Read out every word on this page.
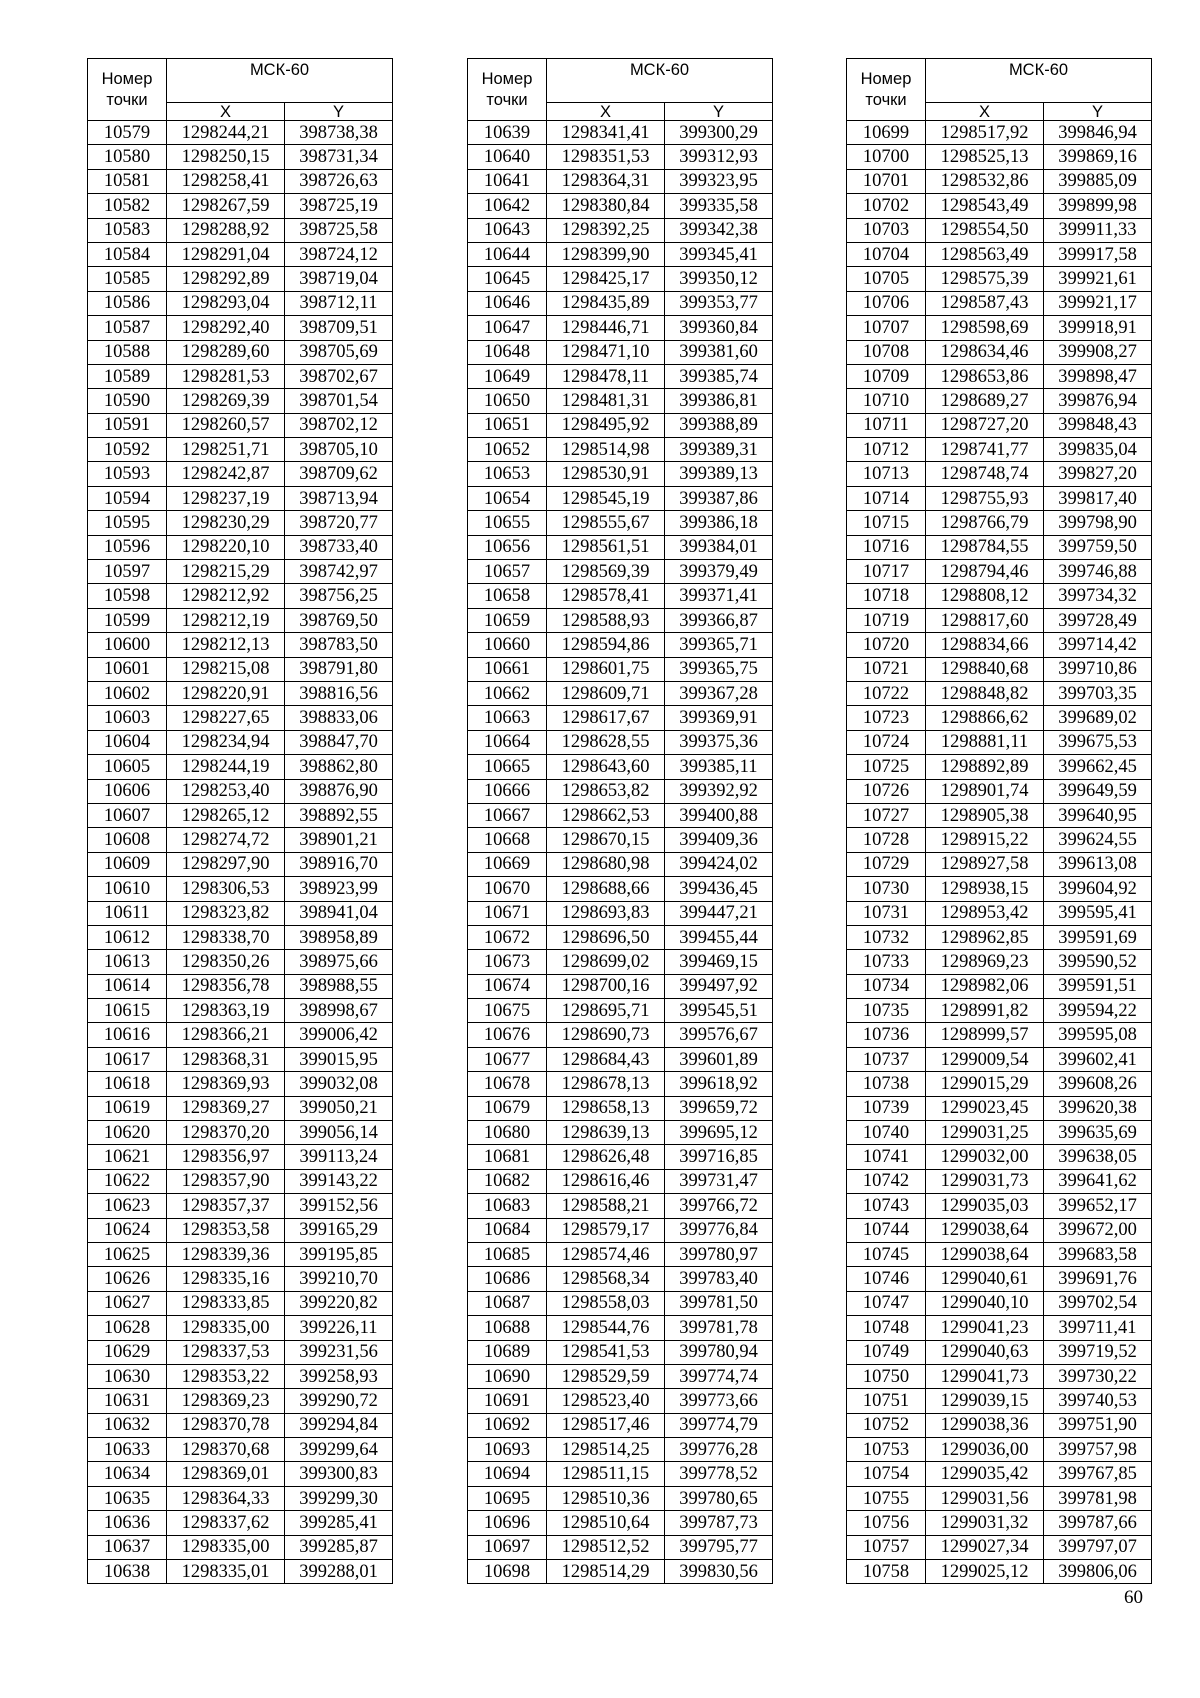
Номер точки	МСК-60	
	X	Y
10579	1298244,21	398738,38
10580	1298250,15	398731,34
10581	1298258,41	398726,63
10582	1298267,59	398725,19
10583	1298288,92	398725,58
10584	1298291,04	398724,12
10585	1298292,89	398719,04
10586	1298293,04	398712,11
10587	1298292,40	398709,51
10588	1298289,60	398705,69
10589	1298281,53	398702,67
10590	1298269,39	398701,54
10591	1298260,57	398702,12
10592	1298251,71	398705,10
10593	1298242,87	398709,62
10594	1298237,19	398713,94
10595	1298230,29	398720,77
10596	1298220,10	398733,40
10597	1298215,29	398742,97
10598	1298212,92	398756,25
10599	1298212,19	398769,50
10600	1298212,13	398783,50
10601	1298215,08	398791,80
10602	1298220,91	398816,56
10603	1298227,65	398833,06
10604	1298234,94	398847,70
10605	1298244,19	398862,80
10606	1298253,40	398876,90
10607	1298265,12	398892,55
10608	1298274,72	398901,21
10609	1298297,90	398916,70
10610	1298306,53	398923,99
10611	1298323,82	398941,04
10612	1298338,70	398958,89
10613	1298350,26	398975,66
10614	1298356,78	398988,55
10615	1298363,19	398998,67
10616	1298366,21	399006,42
10617	1298368,31	399015,95
10618	1298369,93	399032,08
10619	1298369,27	399050,21
10620	1298370,20	399056,14
10621	1298356,97	399113,24
10622	1298357,90	399143,22
10623	1298357,37	399152,56
10624	1298353,58	399165,29
10625	1298339,36	399195,85
10626	1298335,16	399210,70
10627	1298333,85	399220,82
10628	1298335,00	399226,11
10629	1298337,53	399231,56
10630	1298353,22	399258,93
10631	1298369,23	399290,72
10632	1298370,78	399294,84
10633	1298370,68	399299,64
10634	1298369,01	399300,83
10635	1298364,33	399299,30
10636	1298337,62	399285,41
10637	1298335,00	399285,87
10638	1298335,01	399288,01
Номер точки	МСК-60	
	X	Y
10639	1298341,41	399300,29
10640	1298351,53	399312,93
10641	1298364,31	399323,95
10642	1298380,84	399335,58
10643	1298392,25	399342,38
10644	1298399,90	399345,41
10645	1298425,17	399350,12
10646	1298435,89	399353,77
10647	1298446,71	399360,84
10648	1298471,10	399381,60
10649	1298478,11	399385,74
10650	1298481,31	399386,81
10651	1298495,92	399388,89
10652	1298514,98	399389,31
10653	1298530,91	399389,13
10654	1298545,19	399387,86
10655	1298555,67	399386,18
10656	1298561,51	399384,01
10657	1298569,39	399379,49
10658	1298578,41	399371,41
10659	1298588,93	399366,87
10660	1298594,86	399365,71
10661	1298601,75	399365,75
10662	1298609,71	399367,28
10663	1298617,67	399369,91
10664	1298628,55	399375,36
10665	1298643,60	399385,11
10666	1298653,82	399392,92
10667	1298662,53	399400,88
10668	1298670,15	399409,36
10669	1298680,98	399424,02
10670	1298688,66	399436,45
10671	1298693,83	399447,21
10672	1298696,50	399455,44
10673	1298699,02	399469,15
10674	1298700,16	399497,92
10675	1298695,71	399545,51
10676	1298690,73	399576,67
10677	1298684,43	399601,89
10678	1298678,13	399618,92
10679	1298658,13	399659,72
10680	1298639,13	399695,12
10681	1298626,48	399716,85
10682	1298616,46	399731,47
10683	1298588,21	399766,72
10684	1298579,17	399776,84
10685	1298574,46	399780,97
10686	1298568,34	399783,40
10687	1298558,03	399781,50
10688	1298544,76	399781,78
10689	1298541,53	399780,94
10690	1298529,59	399774,74
10691	1298523,40	399773,66
10692	1298517,46	399774,79
10693	1298514,25	399776,28
10694	1298511,15	399778,52
10695	1298510,36	399780,65
10696	1298510,64	399787,73
10697	1298512,52	399795,77
10698	1298514,29	399830,56
Номер точки	МСК-60	
	X	Y
10699	1298517,92	399846,94
10700	1298525,13	399869,16
10701	1298532,86	399885,09
10702	1298543,49	399899,98
10703	1298554,50	399911,33
10704	1298563,49	399917,58
10705	1298575,39	399921,61
10706	1298587,43	399921,17
10707	1298598,69	399918,91
10708	1298634,46	399908,27
10709	1298653,86	399898,47
10710	1298689,27	399876,94
10711	1298727,20	399848,43
10712	1298741,77	399835,04
10713	1298748,74	399827,20
10714	1298755,93	399817,40
10715	1298766,79	399798,90
10716	1298784,55	399759,50
10717	1298794,46	399746,88
10718	1298808,12	399734,32
10719	1298817,60	399728,49
10720	1298834,66	399714,42
10721	1298840,68	399710,86
10722	1298848,82	399703,35
10723	1298866,62	399689,02
10724	1298881,11	399675,53
10725	1298892,89	399662,45
10726	1298901,74	399649,59
10727	1298905,38	399640,95
10728	1298915,22	399624,55
10729	1298927,58	399613,08
10730	1298938,15	399604,92
10731	1298953,42	399595,41
10732	1298962,85	399591,69
10733	1298969,23	399590,52
10734	1298982,06	399591,51
10735	1298991,82	399594,22
10736	1298999,57	399595,08
10737	1299009,54	399602,41
10738	1299015,29	399608,26
10739	1299023,45	399620,38
10740	1299031,25	399635,69
10741	1299032,00	399638,05
10742	1299031,73	399641,62
10743	1299035,03	399652,17
10744	1299038,64	399672,00
10745	1299038,64	399683,58
10746	1299040,61	399691,76
10747	1299040,10	399702,54
10748	1299041,23	399711,41
10749	1299040,63	399719,52
10750	1299041,73	399730,22
10751	1299039,15	399740,53
10752	1299038,36	399751,90
10753	1299036,00	399757,98
10754	1299035,42	399767,85
10755	1299031,56	399781,98
10756	1299031,32	399787,66
10757	1299027,34	399797,07
10758	1299025,12	399806,06
60
